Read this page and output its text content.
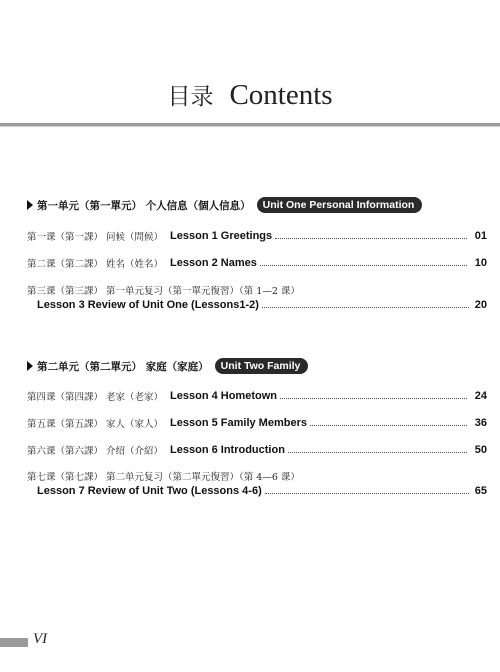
目录 Contents
第一单元（第一單元） 个人信息（個人信息）	Unit One Personal Information
第一课（第一課） 问候（問候） Lesson 1 Greetings	01
第二课（第二課） 姓名（姓名） Lesson 2 Names	10
第三课（第三課） 第一单元复习（第一單元復習）（第 1—2 课）
Lesson 3 Review of Unit One (Lessons1-2)	20
第二单元（第二單元） 家庭（家庭）	Unit Two Family
第四课（第四課） 老家（老家） Lesson 4 Hometown	24
第五课（第五課） 家人（家人） Lesson 5 Family Members	36
第六课（第六課） 介绍（介紹） Lesson 6 Introduction	50
第七课（第七課） 第二单元复习（第二單元復習）（第 4—6 课）
Lesson 7 Review of Unit Two (Lessons 4-6)	65
VI
